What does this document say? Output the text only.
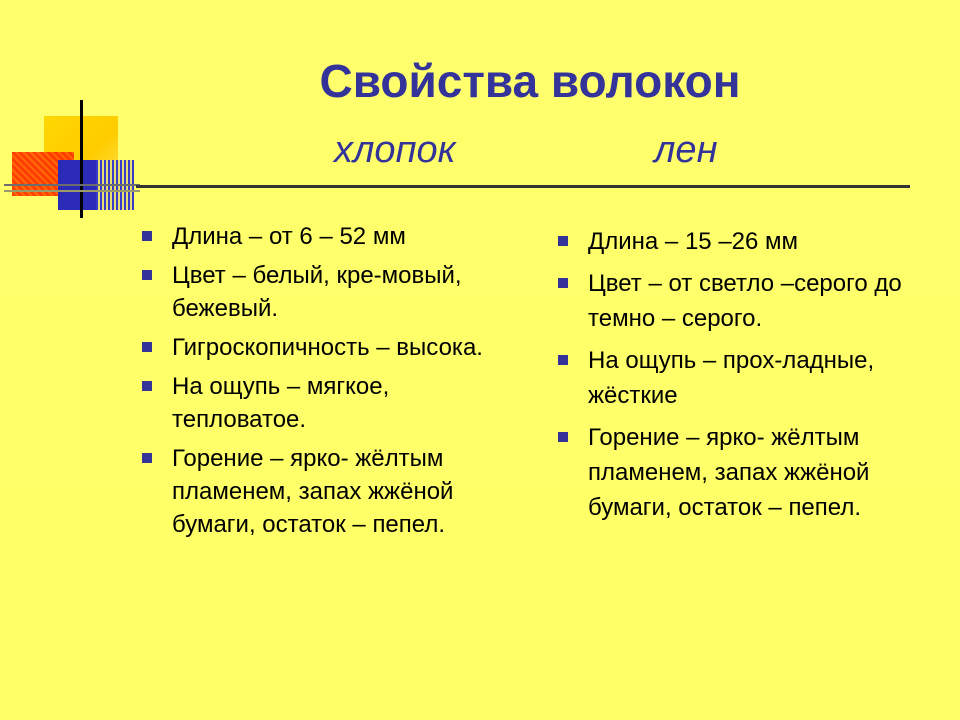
Свойства волокон
хлопок	лен
Длина – от 6 – 52 мм
Цвет – белый, кре-мовый, бежевый.
Гигроскопичность – высока.
На ощупь – мягкое, тепловатое.
Горение – ярко- жёлтым пламенем, запах жжёной бумаги, остаток – пепел.
Длина – 15 –26 мм
Цвет – от светло –серого до темно – серого.
На ощупь – прох-ладные, жёсткие
Горение – ярко- жёлтым пламенем, запах жжёной бумаги, остаток – пепел.
